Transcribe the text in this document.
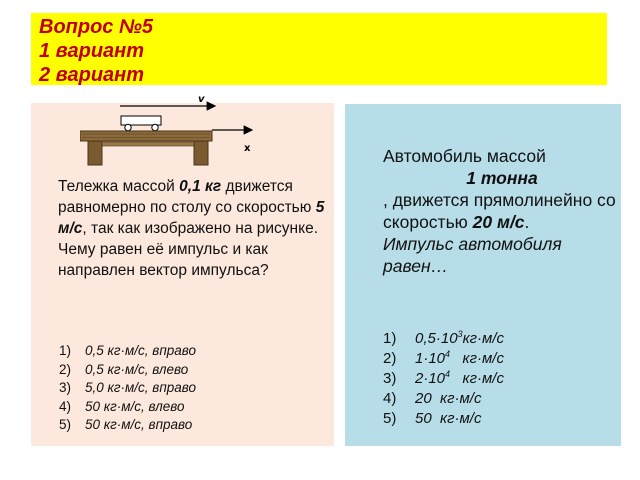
Вопрос №5
1 вариант
2 вариант
v
x
Тележка массой 0,1 кг движется равномерно по столу со скоростью 5 м/с, так как изображено на рисунке. Чему равен её импульс и как направлен вектор импульса?
1) 0,5 кг·м/с, вправо
2) 0,5 кг·м/с, влево
3) 5,0 кг·м/с, вправо
4) 50 кг·м/с, влево
5) 50 кг·м/с, вправо
Автомобиль массой
1 тонна
, движется прямолинейно со скоростью 20 м/с.
Импульс автомобиля равен…
1) $0,5\cdot 10^3кг\cdot м/с$
2) $1\cdot 10^4$   кг·м/с
3) $2\cdot 10^4$   кг·м/с
4) 20  кг·м/с
5) 50  кг·м/с
